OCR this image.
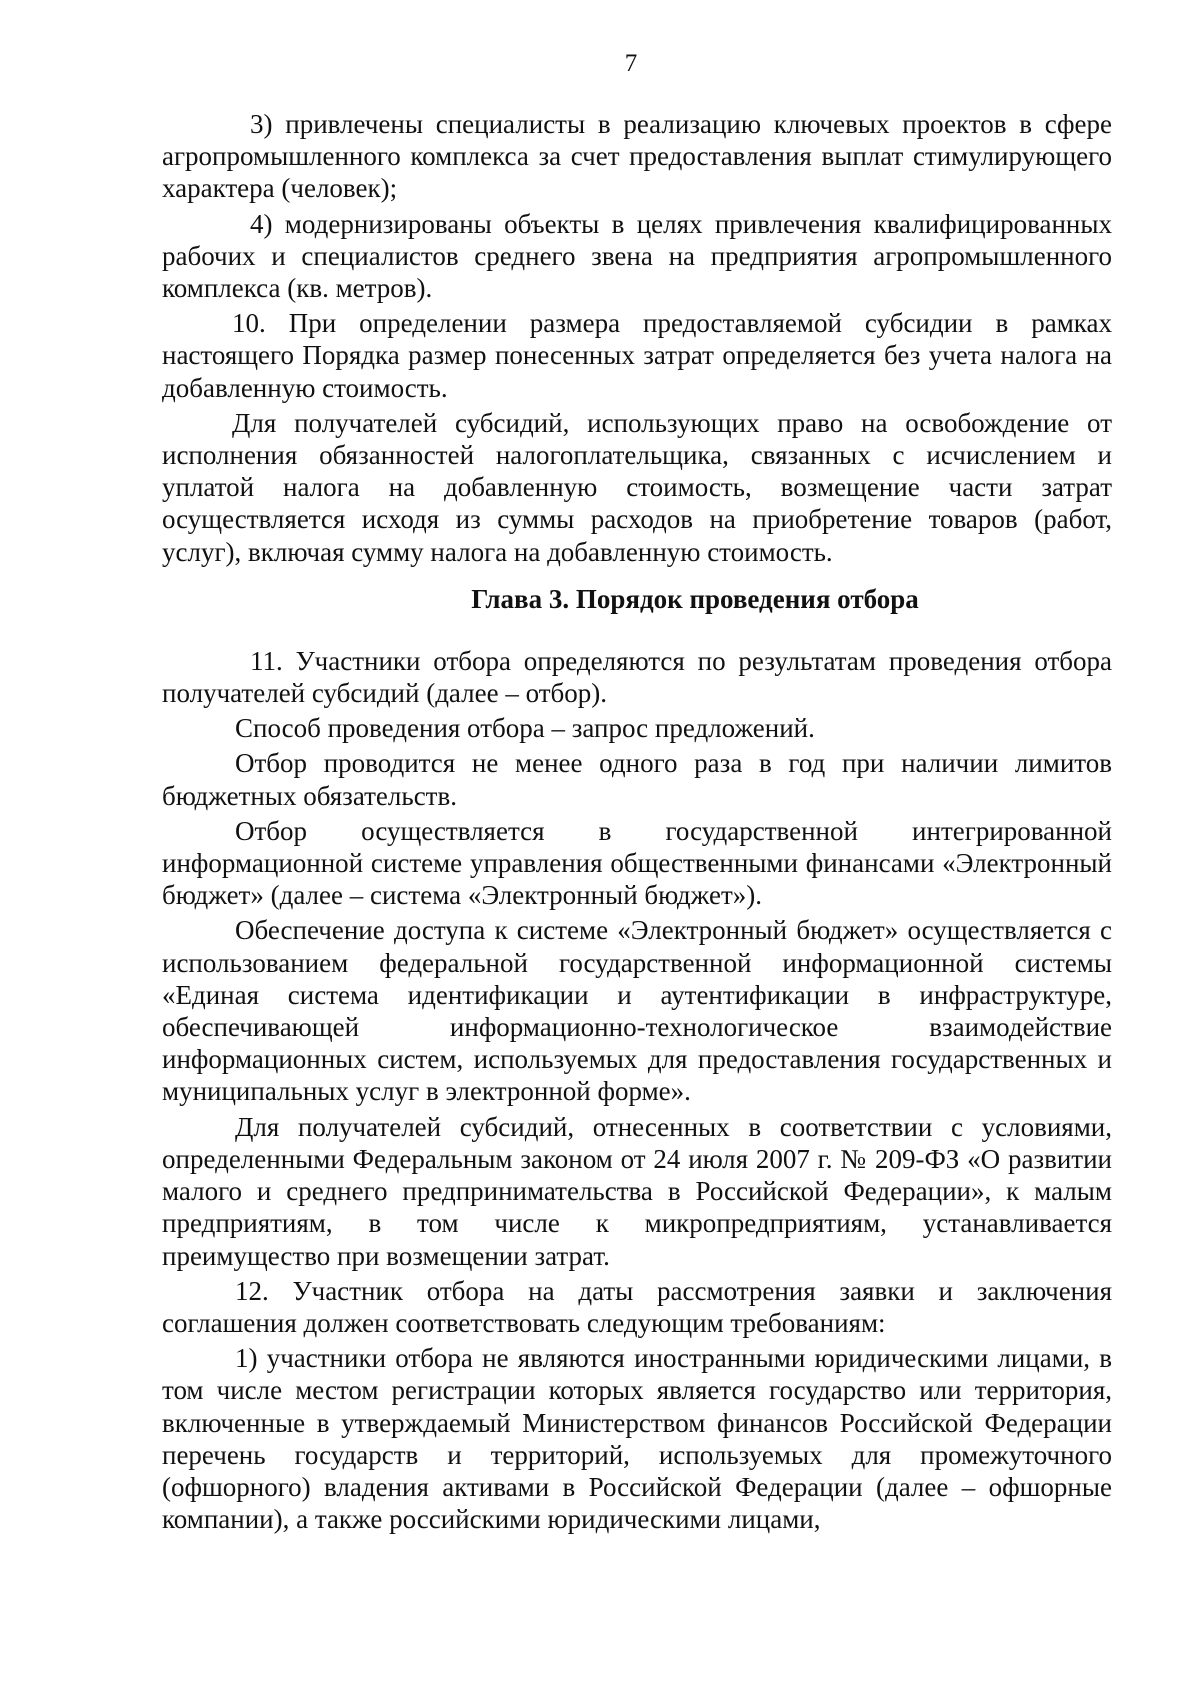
7

3) привлечены специалисты в реализацию ключевых проектов в сфере агропромышленного комплекса за счет предоставления выплат стимулирующего характера (человек);

4) модернизированы объекты в целях привлечения квалифицированных рабочих и специалистов среднего звена на предприятия агропромышленного комплекса (кв. метров).

10. При определении размера предоставляемой субсидии в рамках настоящего Порядка размер понесенных затрат определяется без учета налога на добавленную стоимость.

Для получателей субсидий, использующих право на освобождение от исполнения обязанностей налогоплательщика, связанных с исчислением и уплатой налога на добавленную стоимость, возмещение части затрат осуществляется исходя из суммы расходов на приобретение товаров (работ, услуг), включая сумму налога на добавленную стоимость.

Глава 3. Порядок проведения отбора

11. Участники отбора определяются по результатам проведения отбора получателей субсидий (далее – отбор).

Способ проведения отбора – запрос предложений.

Отбор проводится не менее одного раза в год при наличии лимитов бюджетных обязательств.

Отбор осуществляется в государственной интегрированной информационной системе управления общественными финансами «Электронный бюджет» (далее – система «Электронный бюджет»).

Обеспечение доступа к системе «Электронный бюджет» осуществляется с использованием федеральной государственной информационной системы «Единая система идентификации и аутентификации в инфраструктуре, обеспечивающей информационно-технологическое взаимодействие информационных систем, используемых для предоставления государственных и муниципальных услуг в электронной форме».

Для получателей субсидий, отнесенных в соответствии с условиями, определенными Федеральным законом от 24 июля 2007 г. № 209-ФЗ «О развитии малого и среднего предпринимательства в Российской Федерации», к малым предприятиям, в том числе к микропредприятиям, устанавливается преимущество при возмещении затрат.

12. Участник отбора на даты рассмотрения заявки и заключения соглашения должен соответствовать следующим требованиям:

1) участники отбора не являются иностранными юридическими лицами, в том числе местом регистрации которых является государство или территория, включенные в утверждаемый Министерством финансов Российской Федерации перечень государств и территорий, используемых для промежуточного (офшорного) владения активами в Российской Федерации (далее – офшорные компании), а также российскими юридическими лицами,
